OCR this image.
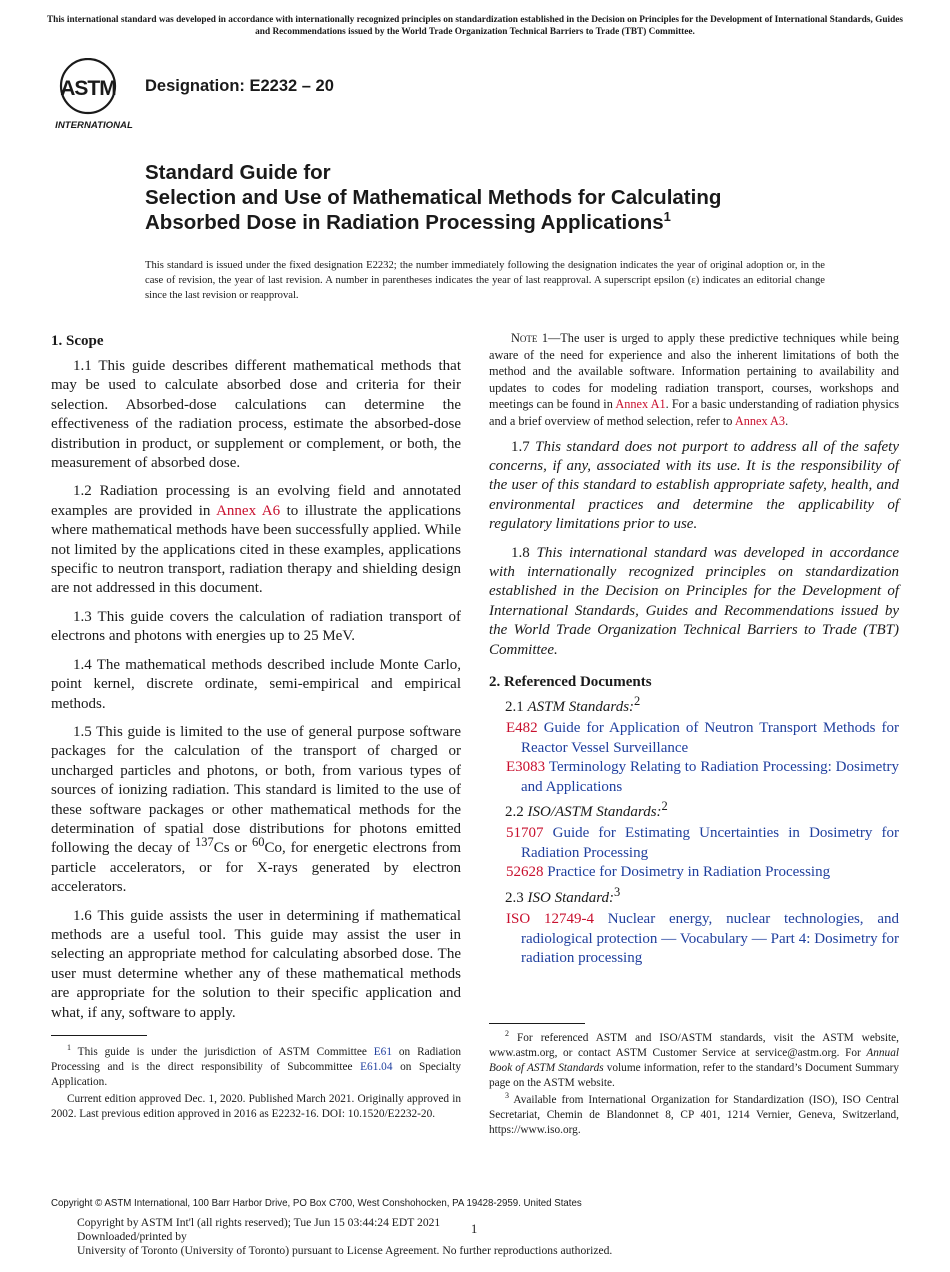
This international standard was developed in accordance with internationally recognized principles on standardization established in the Decision on Principles for the Development of International Standards, Guides and Recommendations issued by the World Trade Organization Technical Barriers to Trade (TBT) Committee.
ASTM
INTERNATIONAL
Designation: E2232 – 20
Standard Guide for
Selection and Use of Mathematical Methods for Calculating
Absorbed Dose in Radiation Processing Applications$^1$
This standard is issued under the fixed designation E2232; the number immediately following the designation indicates the year of original adoption or, in the case of revision, the year of last revision. A number in parentheses indicates the year of last reapproval. A superscript epsilon (ε) indicates an editorial change since the last revision or reapproval.
1. Scope

1.1 This guide describes different mathematical methods that may be used to calculate absorbed dose and criteria for their selection. Absorbed-dose calculations can determine the effectiveness of the radiation process, estimate the absorbed-dose distribution in product, or supplement or complement, or both, the measurement of absorbed dose.

1.2 Radiation processing is an evolving field and annotated examples are provided in Annex A6 to illustrate the applications where mathematical methods have been successfully applied. While not limited by the applications cited in these examples, applications specific to neutron transport, radiation therapy and shielding design are not addressed in this document.

1.3 This guide covers the calculation of radiation transport of electrons and photons with energies up to 25 MeV.

1.4 The mathematical methods described include Monte Carlo, point kernel, discrete ordinate, semi-empirical and empirical methods.

1.5 This guide is limited to the use of general purpose software packages for the calculation of the transport of charged or uncharged particles and photons, or both, from various types of sources of ionizing radiation. This standard is limited to the use of these software packages or other mathematical methods for the determination of spatial dose distributions for photons emitted following the decay of $^{137}$Cs or $^{60}$Co, for energetic electrons from particle accelerators, or for X-rays generated by electron accelerators.

1.6 This guide assists the user in determining if mathematical methods are a useful tool. This guide may assist the user in selecting an appropriate method for calculating absorbed dose. The user must determine whether any of these mathematical methods are appropriate for the solution to their specific application and what, if any, software to apply.

$^1$ This guide is under the jurisdiction of ASTM Committee E61 on Radiation Processing and is the direct responsibility of Subcommittee E61.04 on Specialty Application.

Current edition approved Dec. 1, 2020. Published March 2021. Originally approved in 2002. Last previous edition approved in 2016 as E2232-16. DOI: 10.1520/E2232-20.

Note 1—The user is urged to apply these predictive techniques while being aware of the need for experience and also the inherent limitations of both the method and the available software. Information pertaining to availability and updates to codes for modeling radiation transport, courses, workshops and meetings can be found in Annex A1. For a basic understanding of radiation physics and a brief overview of method selection, refer to Annex A3.

1.7 This standard does not purport to address all of the safety concerns, if any, associated with its use. It is the responsibility of the user of this standard to establish appropriate safety, health, and environmental practices and determine the applicability of regulatory limitations prior to use.

1.8 This international standard was developed in accordance with internationally recognized principles on standardization established in the Decision on Principles for the Development of International Standards, Guides and Recommendations issued by the World Trade Organization Technical Barriers to Trade (TBT) Committee.

2. Referenced Documents

2.1 ASTM Standards:$^2$

E482 Guide for Application of Neutron Transport Methods for Reactor Vessel Surveillance

E3083 Terminology Relating to Radiation Processing: Dosimetry and Applications

2.2 ISO/ASTM Standards:$^2$

51707 Guide for Estimating Uncertainties in Dosimetry for Radiation Processing

52628 Practice for Dosimetry in Radiation Processing

2.3 ISO Standard:$^3$

ISO 12749-4 Nuclear energy, nuclear technologies, and radiological protection — Vocabulary — Part 4: Dosimetry for radiation processing

$^2$ For referenced ASTM and ISO/ASTM standards, visit the ASTM website, www.astm.org, or contact ASTM Customer Service at service@astm.org. For Annual Book of ASTM Standards volume information, refer to the standard’s Document Summary page on the ASTM website.

$^3$ Available from International Organization for Standardization (ISO), ISO Central Secretariat, Chemin de Blandonnet 8, CP 401, 1214 Vernier, Geneva, Switzerland, https://www.iso.org.

Copyright © ASTM International, 100 Barr Harbor Drive, PO Box C700, West Conshohocken, PA 19428-2959. United States
Copyright by ASTM Int'l (all rights reserved); Tue Jun 15 03:44:24 EDT 2021
Downloaded/printed by
University of Toronto (University of Toronto) pursuant to License Agreement. No further reproductions authorized.
1
